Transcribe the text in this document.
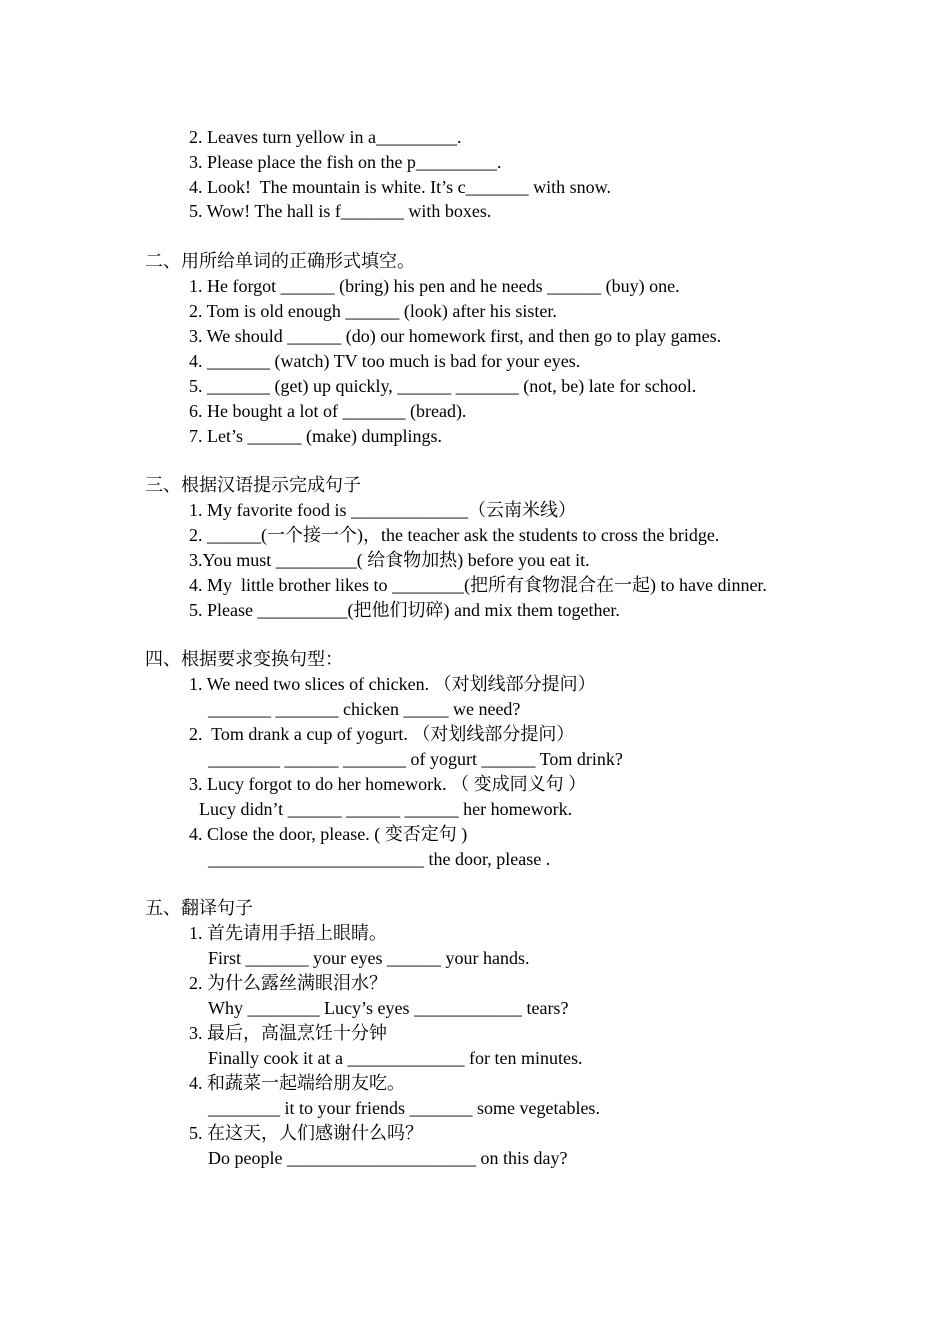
2. Leaves turn yellow in a_________.
3. Please place the fish on the p_________.
4. Look!  The mountain is white. It’s c_______ with snow.
5. Wow! The hall is f_______ with boxes.
二、用所给单词的正确形式填空。
1. He forgot ______ (bring) his pen and he needs ______ (buy) one.
2. Tom is old enough ______ (look) after his sister.
3. We should ______ (do) our homework first, and then go to play games.
4. _______ (watch) TV too much is bad for your eyes.
5. _______ (get) up quickly, ______ _______ (not, be) late for school.
6. He bought a lot of _______ (bread).
7. Let’s ______ (make) dumplings.
三、根据汉语提示完成句子
1. My favorite food is _____________（云南米线）
2. ______(一个接一个)，the teacher ask the students to cross the bridge.
3.You must _________( 给食物加热) before you eat it.
4. My  little brother likes to ________(把所有食物混合在一起) to have dinner.
5. Please __________(把他们切碎) and mix them together.
四、根据要求变换句型：
1. We need two slices of chicken. （对划线部分提问）
_______ _______ chicken _____ we need?
2.  Tom drank a cup of yogurt. （对划线部分提问）
________ ______ _______ of yogurt ______ Tom drink?
3. Lucy forgot to do her homework. （ 变成同义句 ）
Lucy didn’t ______ ______ ______ her homework.
4. Close the door, please. ( 变否定句 )
________________________ the door, please .
五、翻译句子
1. 首先请用手捂上眼睛。
First _______ your eyes ______ your hands.
2. 为什么露丝满眼泪水？
Why ________ Lucy’s eyes ____________ tears?
3. 最后，高温烹饪十分钟
Finally cook it at a _____________ for ten minutes.
4. 和蔬菜一起端给朋友吃。
________ it to your friends _______ some vegetables.
5. 在这天，人们感谢什么吗？
Do people _____________________ on this day?
